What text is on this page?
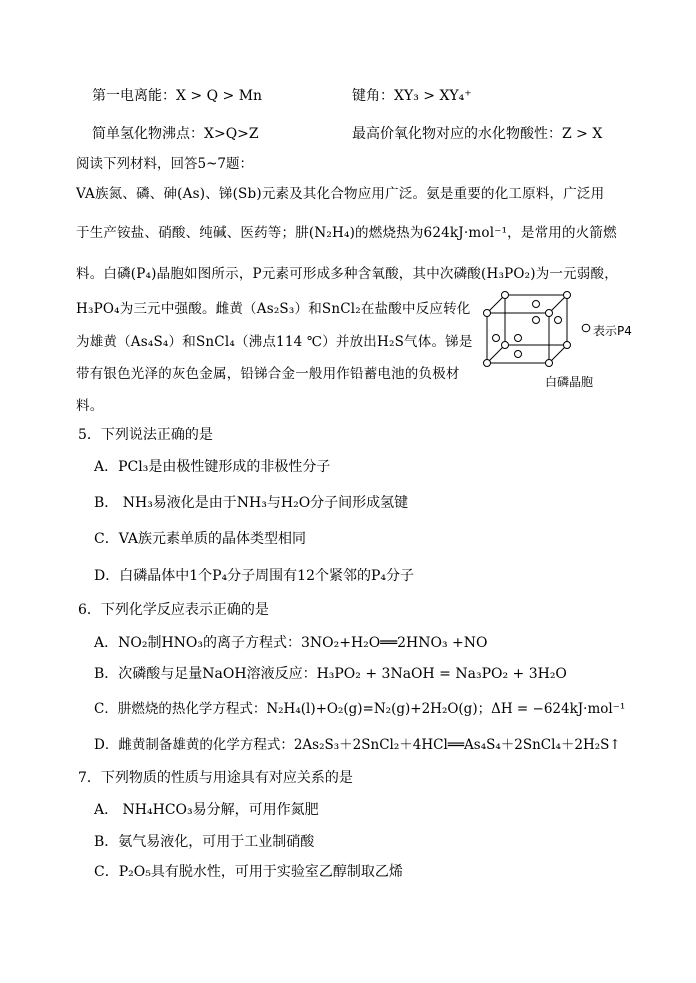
第一电离能：X > Q > Mn	键角：XY₃ > XY₄⁺
简单氢化物沸点：X>Q>Z	最高价氧化物对应的水化物酸性：Z > X
阅读下列材料，回答5~7题：
VA族氮、磷、砷(As)、锑(Sb)元素及其化合物应用广泛。氨是重要的化工原料，广泛用
于生产铵盐、硝酸、纯碱、医药等；肼(N₂H₄)的燃烧热为624kJ·mol⁻¹，是常用的火箭燃
料。白磷(P₄)晶胞如图所示，P元素可形成多种含氧酸，其中次磷酸(H₃PO₂)为一元弱酸，
H₃PO₄为三元中强酸。雌黄（As₂S₃）和SnCl₂在盐酸中反应转化
为雄黄（As₄S₄）和SnCl₄（沸点114 ℃）并放出H₂S气体。锑是
带有银色光泽的灰色金属，铅锑合金一般用作铅蓄电池的负极材
料。
表示P4
白磷晶胞
5．下列说法正确的是
A．PCl₃是由极性键形成的非极性分子
B． NH₃易液化是由于NH₃与H₂O分子间形成氢键
C．VA族元素单质的晶体类型相同
D．白磷晶体中1个P₄分子周围有12个紧邻的P₄分子
6．下列化学反应表示正确的是
A．NO₂制HNO₃的离子方程式：3NO₂+H₂O══2HNO₃ +NO
B．次磷酸与足量NaOH溶液反应：H₃PO₂ + 3NaOH = Na₃PO₂ + 3H₂O
C．肼燃烧的热化学方程式：N₂H₄(l)+O₂(g)=N₂(g)+2H₂O(g)；ΔH = −624kJ·mol⁻¹
D．雌黄制备雄黄的化学方程式：2As₂S₃＋2SnCl₂＋4HCl══As₄S₄＋2SnCl₄＋2H₂S↑
7．下列物质的性质与用途具有对应关系的是
A． NH₄HCO₃易分解，可用作氮肥
B．氨气易液化，可用于工业制硝酸
C．P₂O₅具有脱水性，可用于实验室乙醇制取乙烯
